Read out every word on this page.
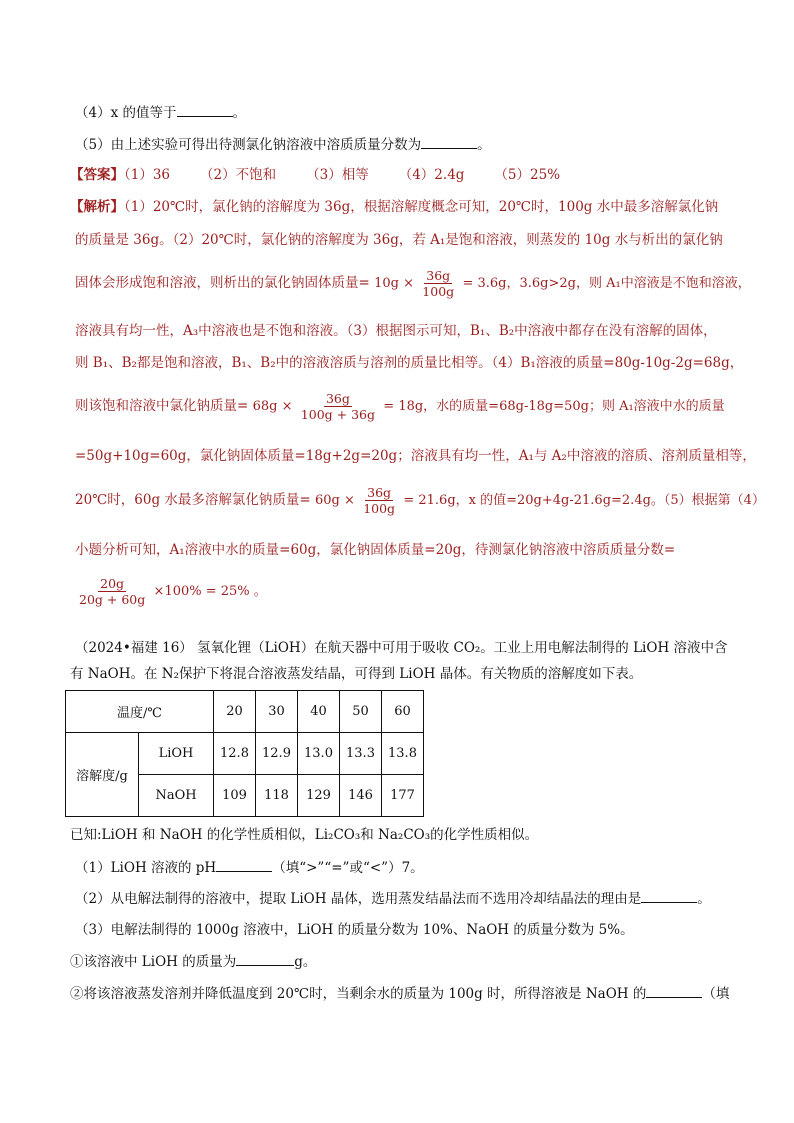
（4）x 的值等于	。
（5）由上述实验可得出待测氯化钠溶液中溶质质量分数为	。
【答案】（1）36 （2）不饱和 （3）相等 （4）2.4g （5）25%
【解析】（1）20℃时，氯化钠的溶解度为 36g，根据溶解度概念可知，20℃时，100g 水中最多溶解氯化钠
的质量是 36g。（2）20℃时，氯化钠的溶解度为 36g，若 A₁是饱和溶液，则蒸发的 10g 水与析出的氯化钠
固体会形成饱和溶液，则析出的氯化钠固体质量= $10g \times \frac{36g}{100g} = 3.6g$，3.6g>2g，则 A₁中溶液是不饱和溶液，
溶液具有均一性，A₃中溶液也是不饱和溶液。（3）根据图示可知，B₁、B₂中溶液中都存在没有溶解的固体，
则 B₁、B₂都是饱和溶液，B₁、B₂中的溶液溶质与溶剂的质量比相等。（4）B₁溶液的质量=80g-10g-2g=68g，
则该饱和溶液中氯化钠质量= $68g \times \frac{36g}{100g + 36g} = 18g$，水的质量=68g-18g=50g；则 A₁溶液中水的质量
=50g+10g=60g，氯化钠固体质量=18g+2g=20g；溶液具有均一性，A₁与 A₂中溶液的溶质、溶剂质量相等，
20℃时，60g 水最多溶解氯化钠质量= $60g \times \frac{36g}{100g} = 21.6g$，x 的值=20g+4g-21.6g=2.4g。（5）根据第（4）
小题分析可知，A₁溶液中水的质量=60g，氯化钠固体质量=20g，待测氯化钠溶液中溶质质量分数=
$\frac{20g}{20g + 60g} \times 100\% = 25\%$ 。
（2024•福建 16） 氢氧化锂（LiOH）在航天器中可用于吸收 CO₂。工业上用电解法制得的 LiOH 溶液中含
有 NaOH。在 N₂保护下将混合溶液蒸发结晶，可得到 LiOH 晶体。有关物质的溶解度如下表。
温度/℃		20	30	40	50	60
溶解度/g	LiOH	12.8	12.9	13.0	13.3	13.8
	NaOH	109	118	129	146	177
已知:LiOH 和 NaOH 的化学性质相似，Li₂CO₃和 Na₂CO₃的化学性质相似。
（1）LiOH 溶液的 pH	（填“>”“=”或“<”）7。
（2）从电解法制得的溶液中，提取 LiOH 晶体，选用蒸发结晶法而不选用冷却结晶法的理由是	。
（3）电解法制得的 1000g 溶液中，LiOH 的质量分数为 10%、NaOH 的质量分数为 5%。
①该溶液中 LiOH 的质量为	g。
②将该溶液蒸发溶剂并降低温度到 20℃时，当剩余水的质量为 100g 时，所得溶液是 NaOH 的	（填
